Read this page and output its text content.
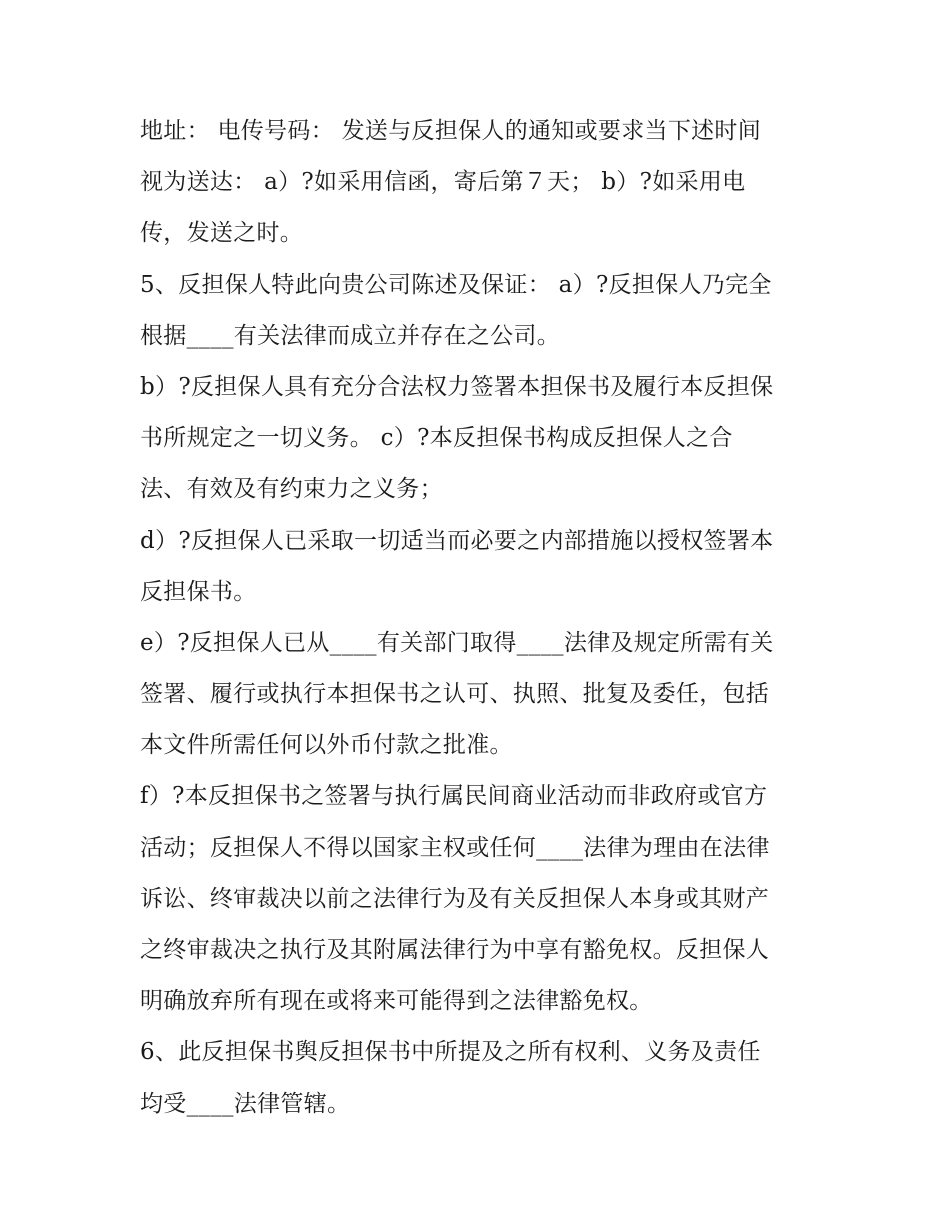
地址： 电传号码： 发送与反担保人的通知或要求当下述时间
视为送达： a）?如采用信函，寄后第７天； b）?如采用电
传，发送之时。
5、反担保人特此向贵公司陈述及保证： a）?反担保人乃完全
根据____有关法律而成立并存在之公司。
b）?反担保人具有充分合法权力签署本担保书及履行本反担保
书所规定之一切义务。 c）?本反担保书构成反担保人之合
法、有效及有约束力之义务；
d）?反担保人已采取一切适当而必要之内部措施以授权签署本
反担保书。
e）?反担保人已从____有关部门取得____法律及规定所需有关
签署、履行或执行本担保书之认可、执照、批复及委任，包括
本文件所需任何以外币付款之批准。
f）?本反担保书之签署与执行属民间商业活动而非政府或官方
活动；反担保人不得以国家主权或任何____法律为理由在法律
诉讼、终审裁决以前之法律行为及有关反担保人本身或其财产
之终审裁决之执行及其附属法律行为中享有豁免权。反担保人
明确放弃所有现在或将来可能得到之法律豁免权。
6、此反担保书舆反担保书中所提及之所有权利、义务及责任
均受____法律管辖。
